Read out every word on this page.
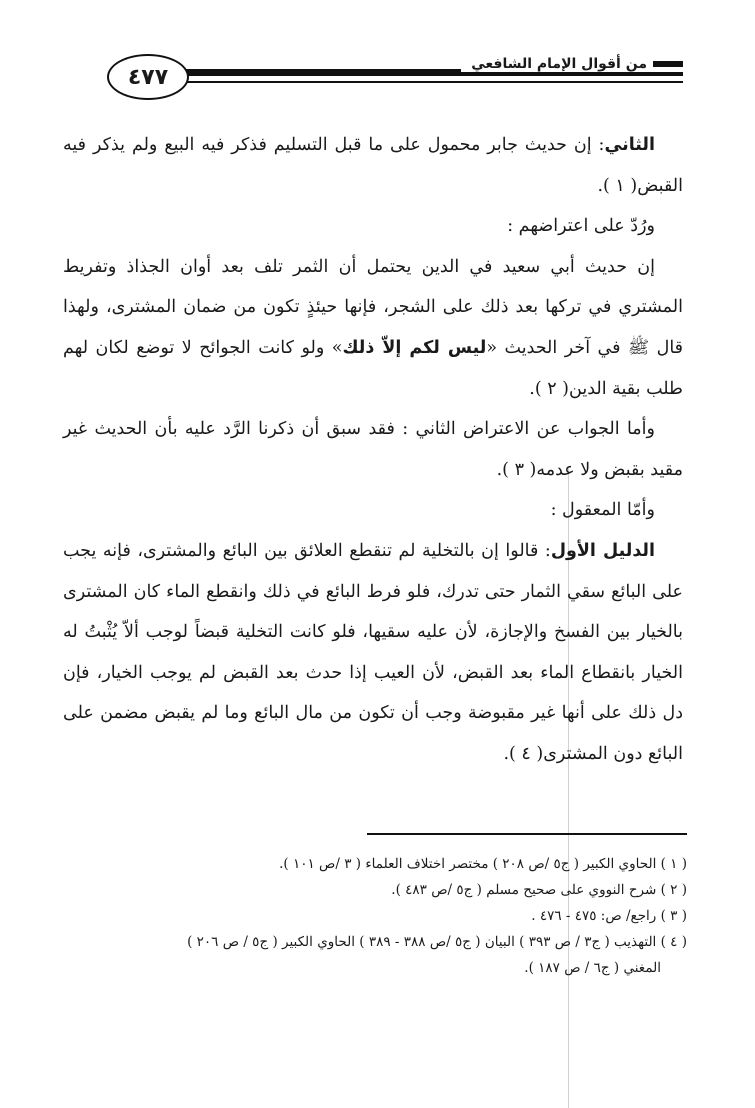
من أقوال الإمام الشافعي
٤٧٧

الثاني: إن حديث جابر محمول على ما قبل التسليم فذكر فيه البيع ولم يذكر فيه القبض( ١ ).

ورُدّ على اعتراضهم :

إن حديث أبي سعيد في الدين يحتمل أن الثمر تلف بعد أوان الجذاذ وتفريط المشتري في تركها بعد ذلك على الشجر، فإنها حيئذٍ تكون من ضمان المشترى، ولهذا قال ﷺ في آخر الحديث «ليس لكم إلاّ ذلك» ولو كانت الجوائح لا توضع لكان لهم طلب بقية الدين( ٢ ).

وأما الجواب عن الاعتراض الثاني : فقد سبق أن ذكرنا الرَّد عليه بأن الحديث غير مقيد بقبض ولا عدمه( ٣ ).

وأمّا المعقول :

الدليل الأول: قالوا إن بالتخلية لم تنقطع العلائق بين البائع والمشترى، فإنه يجب على البائع سقي الثمار حتى تدرك، فلو فرط البائع في ذلك وانقطع الماء كان المشترى بالخيار بين الفسخ والإجازة، لأن عليه سقيها، فلو كانت التخلية قبضاً لوجب ألاّ يُثْبتُ له الخيار بانقطاع الماء بعد القبض، لأن العيب إذا حدث بعد القبض لم يوجب الخيار، فإن دل ذلك على أنها غير مقبوضة وجب أن تكون من مال البائع وما لم يقبض مضمن على البائع دون المشترى( ٤ ).

( ١ ) الحاوي الكبير ( ج٥ /ص ٢٠٨ ) مختصر اختلاف العلماء ( ٣ /ص ١٠١ ).

( ٢ ) شرح النووي على صحيح مسلم ( ج٥ /ص ٤٨٣ ).

( ٣ ) راجع/ ص: ٤٧٥ - ٤٧٦ .

( ٤ ) التهذيب ( ج٣ / ص ٣٩٣ ) البيان ( ج٥ /ص ٣٨٨ - ٣٨٩ ) الحاوي الكبير ( ج٥ / ص ٢٠٦ )

المغني ( ج٦ / ص ١٨٧ ).
